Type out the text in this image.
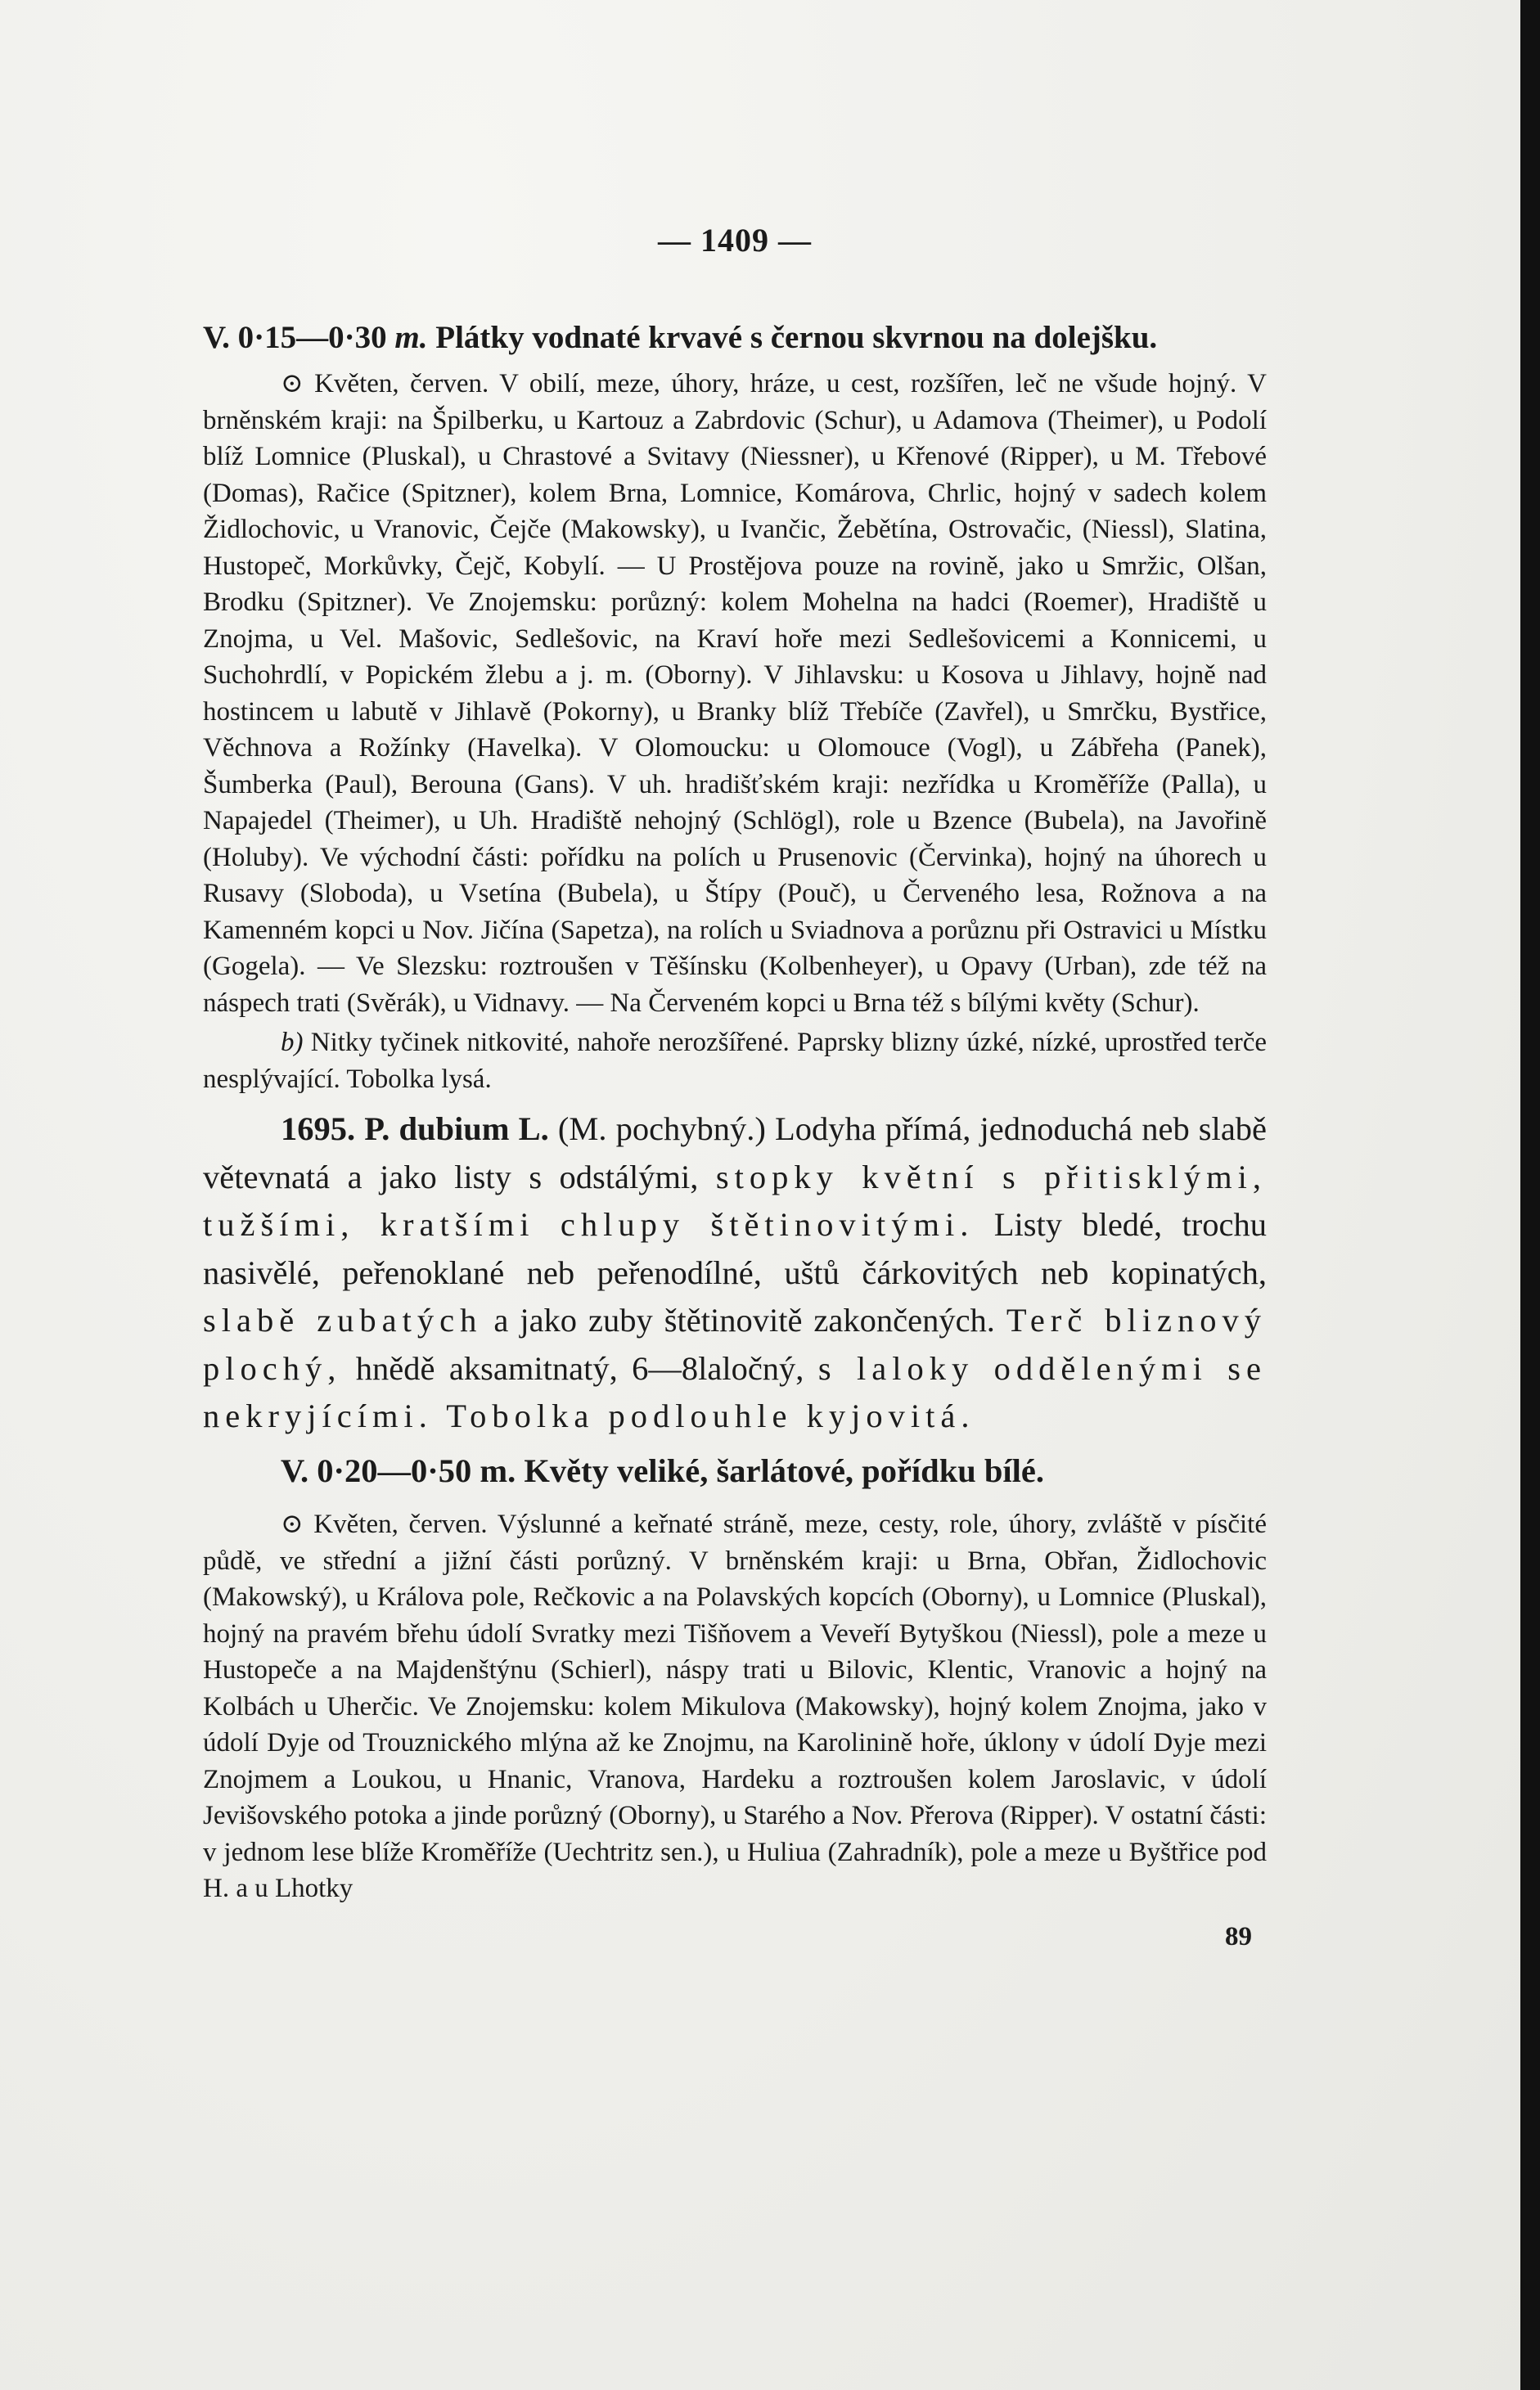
— 1409 —

V. 0·15—0·30 m. Plátky vodnaté krvavé s černou skvrnou na dolejšku.

⊙ Květen, červen. V obilí, meze, úhory, hráze, u cest, rozšířen, leč ne všude hojný. V brněnském kraji: na Špilberku, u Kartouz a Zabrdovic (Schur), u Adamova (Theimer), u Podolí blíž Lomnice (Pluskal), u Chrastové a Svitavy (Niessner), u Křenové (Ripper), u M. Třebové (Domas), Račice (Spitzner), kolem Brna, Lomnice, Komárova, Chrlic, hojný v sadech kolem Židlochovic, u Vranovic, Čejče (Makowsky), u Ivančic, Žebětína, Ostrovačic, (Niessl), Slatina, Hustopeč, Morkůvky, Čejč, Kobylí. — U Prostějova pouze na rovině, jako u Smržic, Olšan, Brodku (Spitzner). Ve Znojemsku: porůzný: kolem Mohelna na hadci (Roemer), Hradiště u Znojma, u Vel. Mašovic, Sedlešovic, na Kraví hoře mezi Sedlešovicemi a Konnicemi, u Suchohrdlí, v Popickém žlebu a j. m. (Oborny). V Jihlavsku: u Kosova u Jihlavy, hojně nad hostincem u labutě v Jihlavě (Pokorny), u Branky blíž Třebíče (Zavřel), u Smrčku, Bystřice, Věchnova a Rožínky (Havelka). V Olomoucku: u Olomouce (Vogl), u Zábřeha (Panek), Šumberka (Paul), Berouna (Gans). V uh. hradišťském kraji: nezřídka u Kroměříže (Palla), u Napajedel (Theimer), u Uh. Hradiště nehojný (Schlögl), role u Bzence (Bubela), na Javořině (Holuby). Ve východní části: pořídku na polích u Prusenovic (Červinka), hojný na úhorech u Rusavy (Sloboda), u Vsetína (Bubela), u Štípy (Pouč), u Červeného lesa, Rožnova a na Kamenném kopci u Nov. Jičína (Sapetza), na rolích u Sviadnova a porůznu při Ostravici u Místku (Gogela). — Ve Slezsku: roztroušen v Těšínsku (Kolbenheyer), u Opavy (Urban), zde též na náspech trati (Svěrák), u Vidnavy. — Na Červeném kopci u Brna též s bílými květy (Schur).

b) Nitky tyčinek nitkovité, nahoře nerozšířené. Paprsky blizny úzké, nízké, uprostřed terče nesplývající. Tobolka lysá.

1695. P. dubium L. (M. pochybný.) Lodyha přímá, jednoduchá neb slabě větevnatá a jako listy s odstálými, stopky květní s přitisklými, tužšími, kratšími chlupy štětinovitými. Listy bledé, trochu nasivělé, peřenoklané neb peřenodílné, uštů čárkovitých neb kopinatých, slabě zubatých a jako zuby štětinovitě zakončených. Terč bliznový plochý, hnědě aksamitnatý, 6—8laločný, s laloky oddělenými se nekryjícími. Tobolka podlouhle kyjovitá.

V. 0·20—0·50 m. Květy veliké, šarlátové, pořídku bílé.

⊙ Květen, červen. Výslunné a keřnaté stráně, meze, cesty, role, úhory, zvláště v písčité půdě, ve střední a jižní části porůzný. V brněnském kraji: u Brna, Obřan, Židlochovic (Makowský), u Králova pole, Rečkovic a na Polavských kopcích (Oborny), u Lomnice (Pluskal), hojný na pravém břehu údolí Svratky mezi Tišňovem a Veveří Bytyškou (Niessl), pole a meze u Hustopeče a na Majdenštýnu (Schierl), náspy trati u Bilovic, Klentic, Vranovic a hojný na Kolbách u Uherčic. Ve Znojemsku: kolem Mikulova (Makowsky), hojný kolem Znojma, jako v údolí Dyje od Trouznického mlýna až ke Znojmu, na Karolinině hoře, úklony v údolí Dyje mezi Znojmem a Loukou, u Hnanic, Vranova, Hardeku a roztroušen kolem Jaroslavic, v údolí Jevišovského potoka a jinde porůzný (Oborny), u Starého a Nov. Přerova (Ripper). V ostatní části: v jednom lese blíže Kroměříže (Uechtritz sen.), u Huliua (Zahradník), pole a meze u Byštřice pod H. a u Lhotky

89
